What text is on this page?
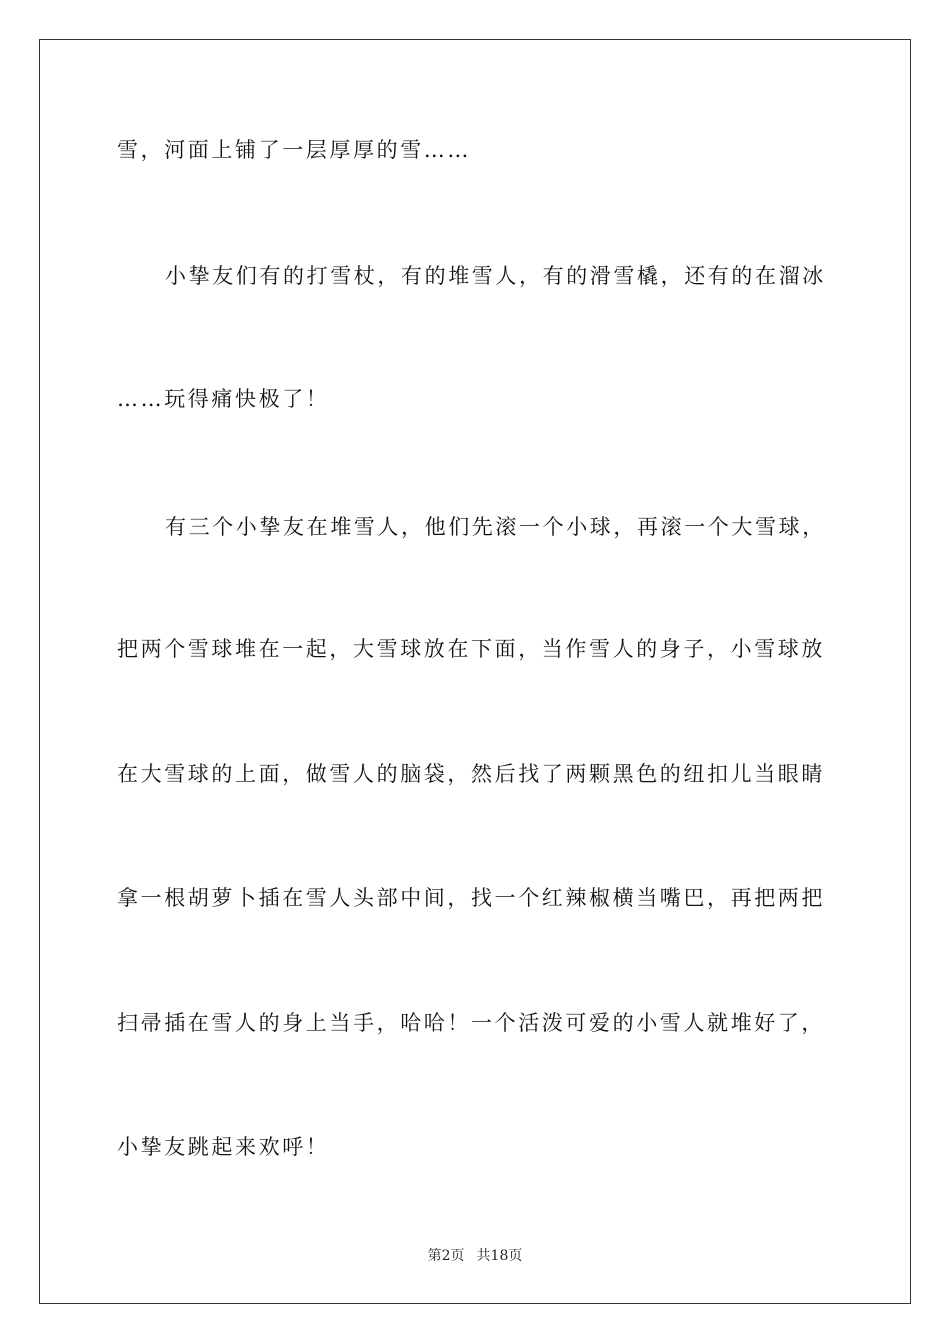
雪，河面上铺了一层厚厚的雪……
小挚友们有的打雪杖，有的堆雪人，有的滑雪橇，还有的在溜冰
……玩得痛快极了！
有三个小挚友在堆雪人，他们先滚一个小球，再滚一个大雪球，
把两个雪球堆在一起，大雪球放在下面，当作雪人的身子，小雪球放
在大雪球的上面，做雪人的脑袋，然后找了两颗黑色的纽扣儿当眼睛
拿一根胡萝卜插在雪人头部中间，找一个红辣椒横当嘴巴，再把两把
扫帚插在雪人的身上当手，哈哈！一个活泼可爱的小雪人就堆好了，
小挚友跳起来欢呼！
第2页 共18页
